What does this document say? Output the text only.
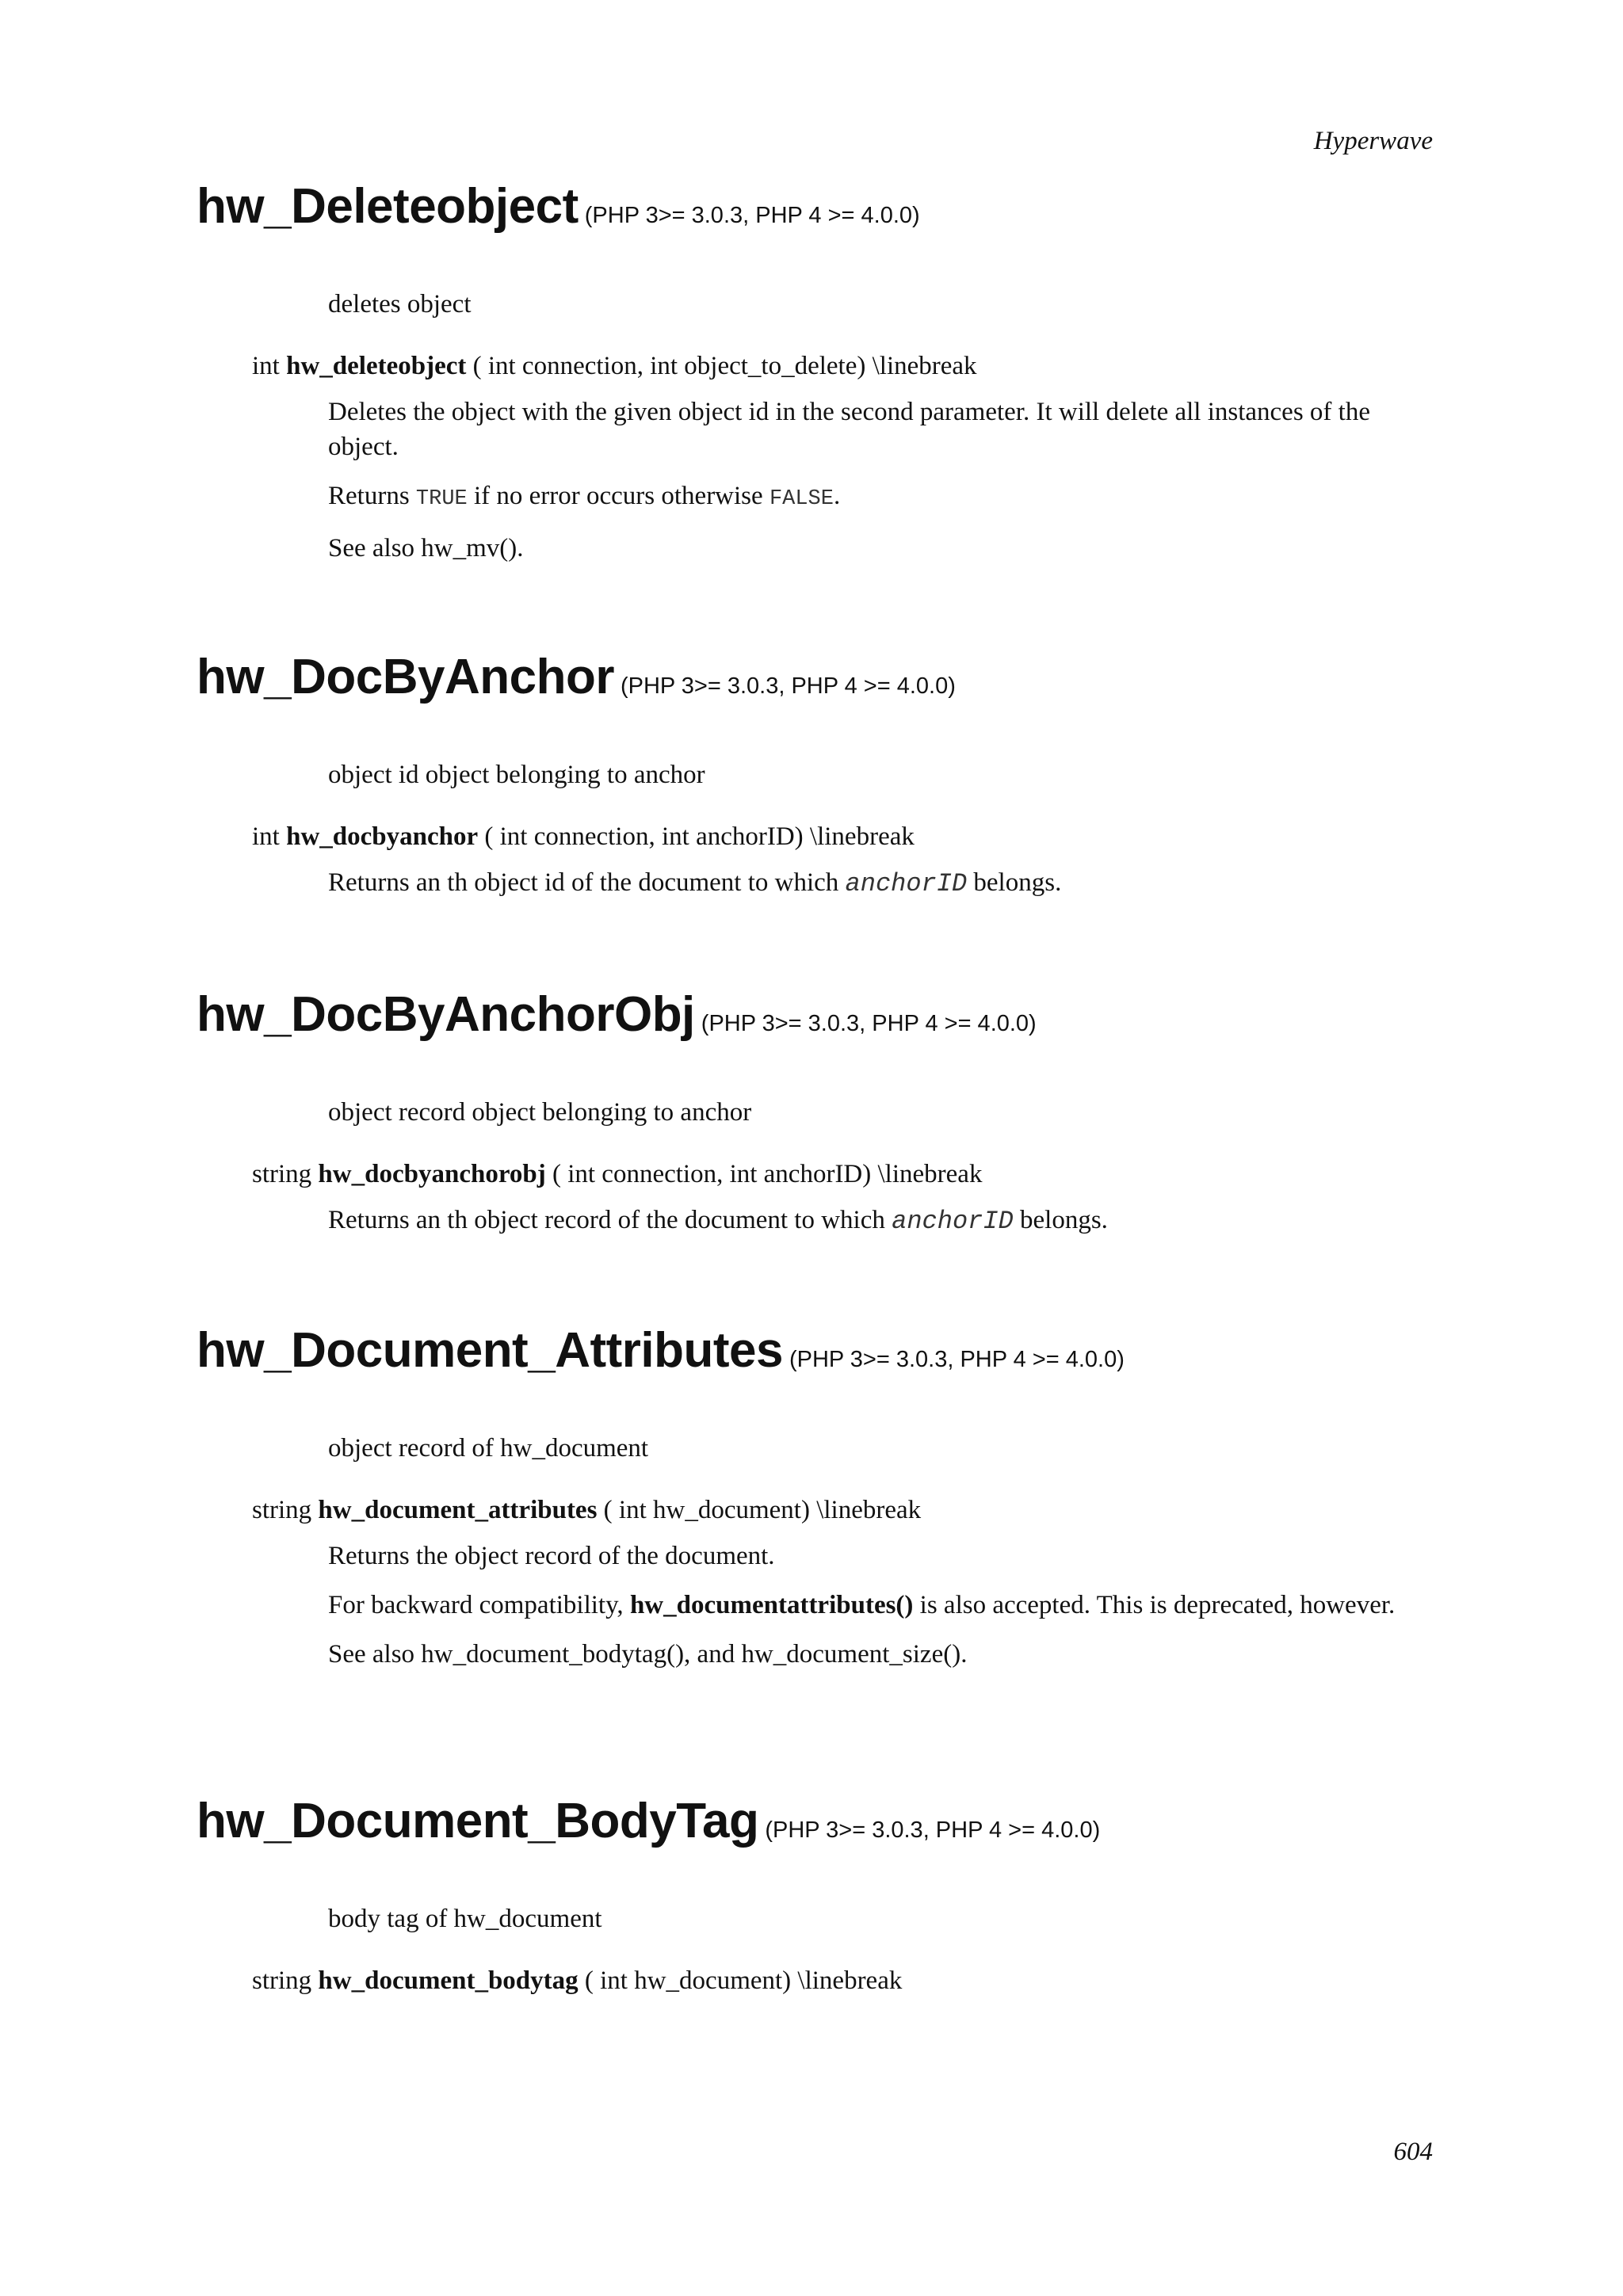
Hyperwave

hw_Deleteobject (PHP 3>= 3.0.3, PHP 4 >= 4.0.0)

deletes object

int hw_deleteobject ( int connection, int object_to_delete) \linebreak

Deletes the object with the given object id in the second parameter. It will delete all instances of the object.

Returns TRUE if no error occurs otherwise FALSE.

See also hw_mv().

hw_DocByAnchor (PHP 3>= 3.0.3, PHP 4 >= 4.0.0)

object id object belonging to anchor

int hw_docbyanchor ( int connection, int anchorID) \linebreak

Returns an th object id of the document to which anchorID belongs.

hw_DocByAnchorObj (PHP 3>= 3.0.3, PHP 4 >= 4.0.0)

object record object belonging to anchor

string hw_docbyanchorobj ( int connection, int anchorID) \linebreak

Returns an th object record of the document to which anchorID belongs.

hw_Document_Attributes (PHP 3>= 3.0.3, PHP 4 >= 4.0.0)

object record of hw_document

string hw_document_attributes ( int hw_document) \linebreak

Returns the object record of the document.

For backward compatibility, hw_documentattributes() is also accepted. This is deprecated, however.

See also hw_document_bodytag(), and hw_document_size().

hw_Document_BodyTag (PHP 3>= 3.0.3, PHP 4 >= 4.0.0)

body tag of hw_document

string hw_document_bodytag ( int hw_document) \linebreak

604
